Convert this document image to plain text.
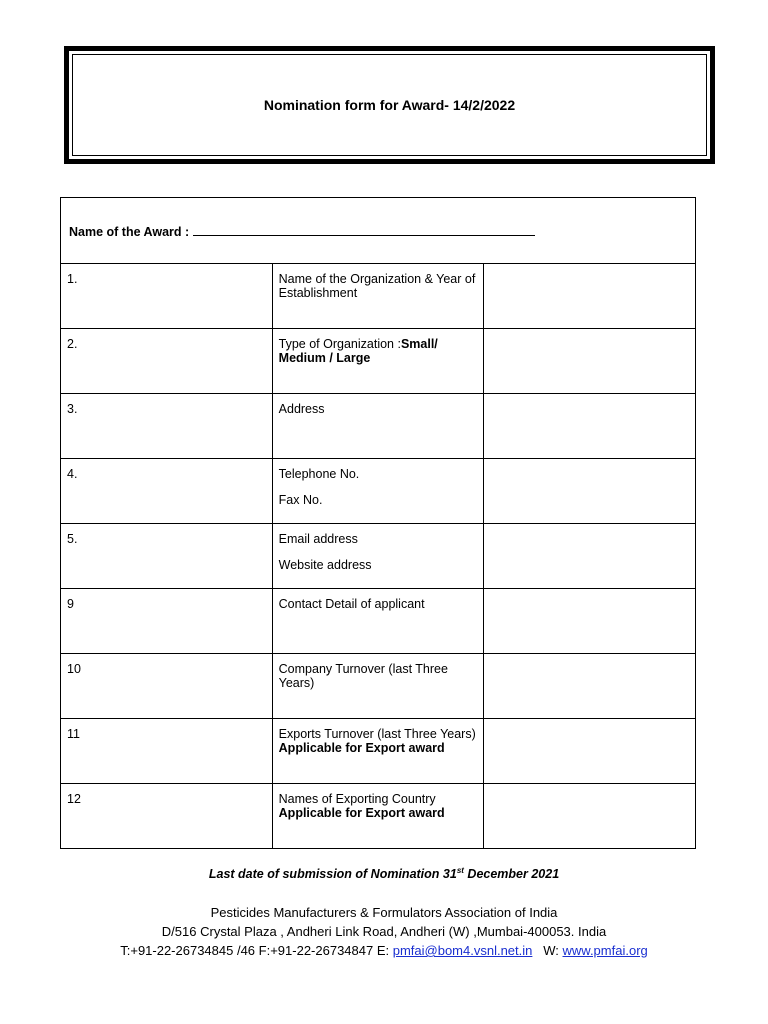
Nomination form for Award- 14/2/2022
Name of the Award :		
1.	Name of the Organization & Year of Establishment	
2.	Type of Organization :Small/ Medium / Large	
3.	Address	
4.	Telephone No.
Fax No.	

5.	Email address
Website address	

9	Contact Detail of applicant	
10	Company Turnover (last Three Years)	
11	Exports Turnover (last Three Years)
Applicable for Export award	

12	Names of Exporting Country
Applicable for Export award	

Last date of submission of Nomination 31st December 2021
Pesticides Manufacturers & Formulators Association of India
D/516 Crystal Plaza , Andheri Link Road, Andheri (W) ,Mumbai-400053. India
T:+91-22-26734845 /46 F:+91-22-26734847 E: pmfai@bom4.vsnl.net.in   W: www.pmfai.org
